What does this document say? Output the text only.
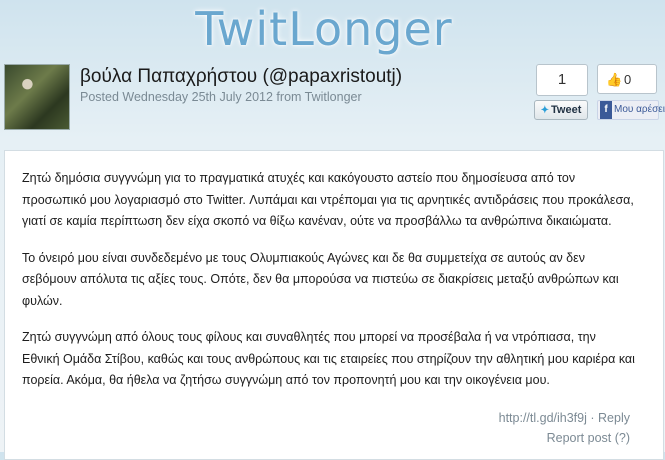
TwitLonger
βούλα Παπαχρήστου (@papaxristoutj)
Posted Wednesday 25th July 2012 from Twitlonger
1
✦ Tweet
👍 0
f Μου αρέσει

Ζητώ δημόσια συγγνώμη για το πραγματικά ατυχές και κακόγουστο αστείο που δημοσίευσα από τον προσωπικό μου λογαριασμό στο Twitter. Λυπάμαι και ντρέπομαι για τις αρνητικές αντιδράσεις που προκάλεσα, γιατί σε καμία περίπτωση δεν είχα σκοπό να θίξω κανέναν, ούτε να προσβάλλω τα ανθρώπινα δικαιώματα.

Το όνειρό μου είναι συνδεδεμένο με τους Ολυμπιακούς Αγώνες και δε θα συμμετείχα σε αυτούς αν δεν σεβόμουν απόλυτα τις αξίες τους. Οπότε, δεν θα μπορούσα να πιστεύω σε διακρίσεις μεταξύ ανθρώπων και φυλών.

Ζητώ συγγνώμη από όλους τους φίλους και συναθλητές που μπορεί να προσέβαλα ή να ντρόπιασα, την Εθνική Ομάδα Στίβου, καθώς και τους ανθρώπους και τις εταιρείες που στηρίζουν την αθλητική μου καριέρα και πορεία. Ακόμα, θα ήθελα να ζητήσω συγγνώμη από τον προπονητή μου και την οικογένεια μου.

http://tl.gd/ih3f9j · Reply
Report post (?)
